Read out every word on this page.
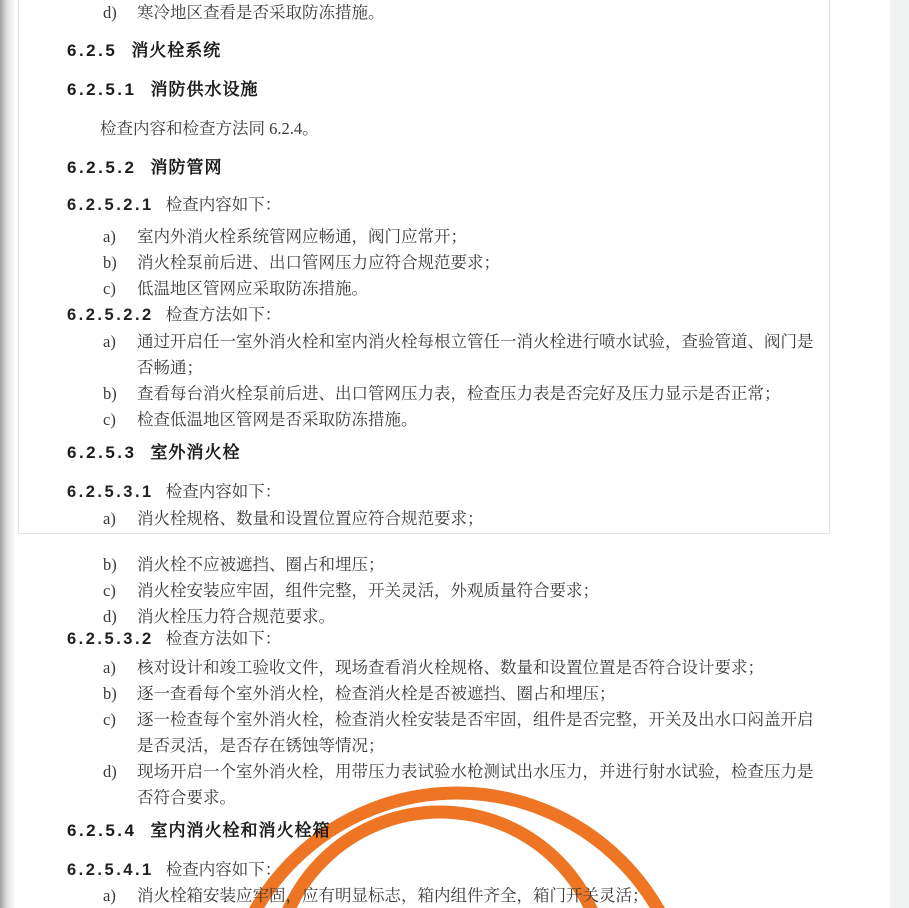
d) 寒冷地区查看是否采取防冻措施。
6.2.5 消火栓系统
6.2.5.1 消防供水设施
检查内容和检查方法同 6.2.4。
6.2.5.2 消防管网
6.2.5.2.1 检查内容如下：
a) 室内外消火栓系统管网应畅通，阀门应常开；
b) 消火栓泵前后进、出口管网压力应符合规范要求；
c) 低温地区管网应采取防冻措施。
6.2.5.2.2 检查方法如下：
a) 通过开启任一室外消火栓和室内消火栓每根立管任一消火栓进行喷水试验，查验管道、阀门是否畅通；
b) 查看每台消火栓泵前后进、出口管网压力表，检查压力表是否完好及压力显示是否正常；
c) 检查低温地区管网是否采取防冻措施。
6.2.5.3 室外消火栓
6.2.5.3.1 检查内容如下：
a) 消火栓规格、数量和设置位置应符合规范要求；
b) 消火栓不应被遮挡、圈占和埋压；
c) 消火栓安装应牢固，组件完整，开关灵活，外观质量符合要求；
d) 消火栓压力符合规范要求。
6.2.5.3.2 检查方法如下：
a) 核对设计和竣工验收文件，现场查看消火栓规格、数量和设置位置是否符合设计要求；
b) 逐一查看每个室外消火栓，检查消火栓是否被遮挡、圈占和埋压；
c) 逐一检查每个室外消火栓，检查消火栓安装是否牢固，组件是否完整，开关及出水口闷盖开启是否灵活，是否存在锈蚀等情况；
d) 现场开启一个室外消火栓，用带压力表试验水枪测试出水压力，并进行射水试验，检查压力是否符合要求。
6.2.5.4 室内消火栓和消火栓箱
6.2.5.4.1 检查内容如下：
a) 消火栓箱安装应牢固，应有明显标志，箱内组件齐全，箱门开关灵活；
